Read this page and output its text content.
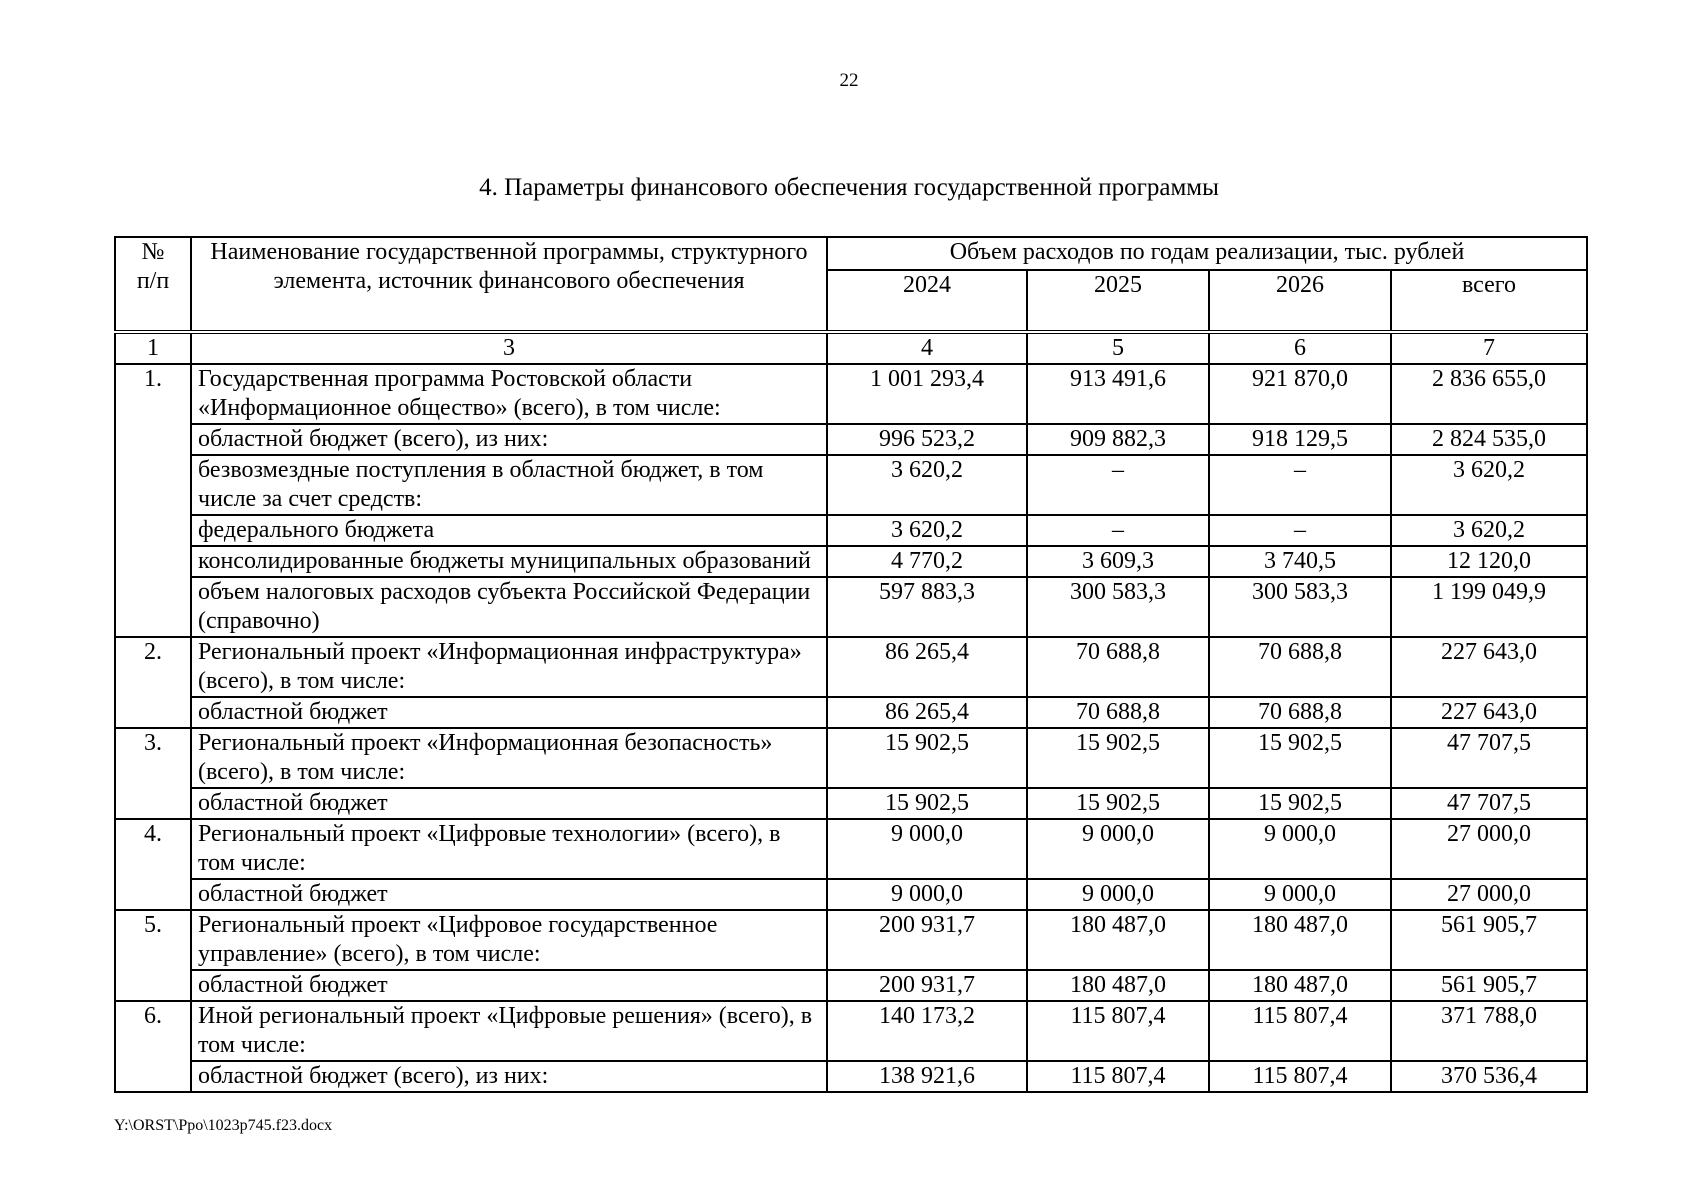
22
4. Параметры финансового обеспечения государственной программы
№
п/п	Наименование государственной программы, структурного элемента, источник финансового обеспечения	Объем расходов по годам реализации, тыс. рублей			
		2024	2025	2026	всего
1	3	4	5	6	7
1.	Государственная программа Ростовской области «Информационное общество» (всего), в том числе:	1 001 293,4	913 491,6	921 870,0	2 836 655,0
	областной бюджет (всего), из них:	996 523,2	909 882,3	918 129,5	2 824 535,0
	безвозмездные поступления в областной бюджет, в том числе за счет средств:	3 620,2	–	–	3 620,2
	федерального бюджета	3 620,2	–	–	3 620,2
	консолидированные бюджеты муниципальных образований	4 770,2	3 609,3	3 740,5	12 120,0
	объем налоговых расходов субъекта Российской Федерации (справочно)	597 883,3	300 583,3	300 583,3	1 199 049,9
2.	Региональный проект «Информационная инфраструктура» (всего), в том числе:	86 265,4	70 688,8	70 688,8	227 643,0
	областной бюджет	86 265,4	70 688,8	70 688,8	227 643,0
3.	Региональный проект «Информационная безопасность» (всего), в том числе:	15 902,5	15 902,5	15 902,5	47 707,5
	областной бюджет	15 902,5	15 902,5	15 902,5	47 707,5
4.	Региональный проект «Цифровые технологии» (всего), в том числе:	9 000,0	9 000,0	9 000,0	27 000,0
	областной бюджет	9 000,0	9 000,0	9 000,0	27 000,0
5.	Региональный проект «Цифровое государственное управление» (всего), в том числе:	200 931,7	180 487,0	180 487,0	561 905,7
	областной бюджет	200 931,7	180 487,0	180 487,0	561 905,7
6.	Иной региональный проект «Цифровые решения» (всего), в том числе:	140 173,2	115 807,4	115 807,4	371 788,0
	областной бюджет (всего), из них:	138 921,6	115 807,4	115 807,4	370 536,4
Y:\ORST\Ppo\1023p745.f23.docx
